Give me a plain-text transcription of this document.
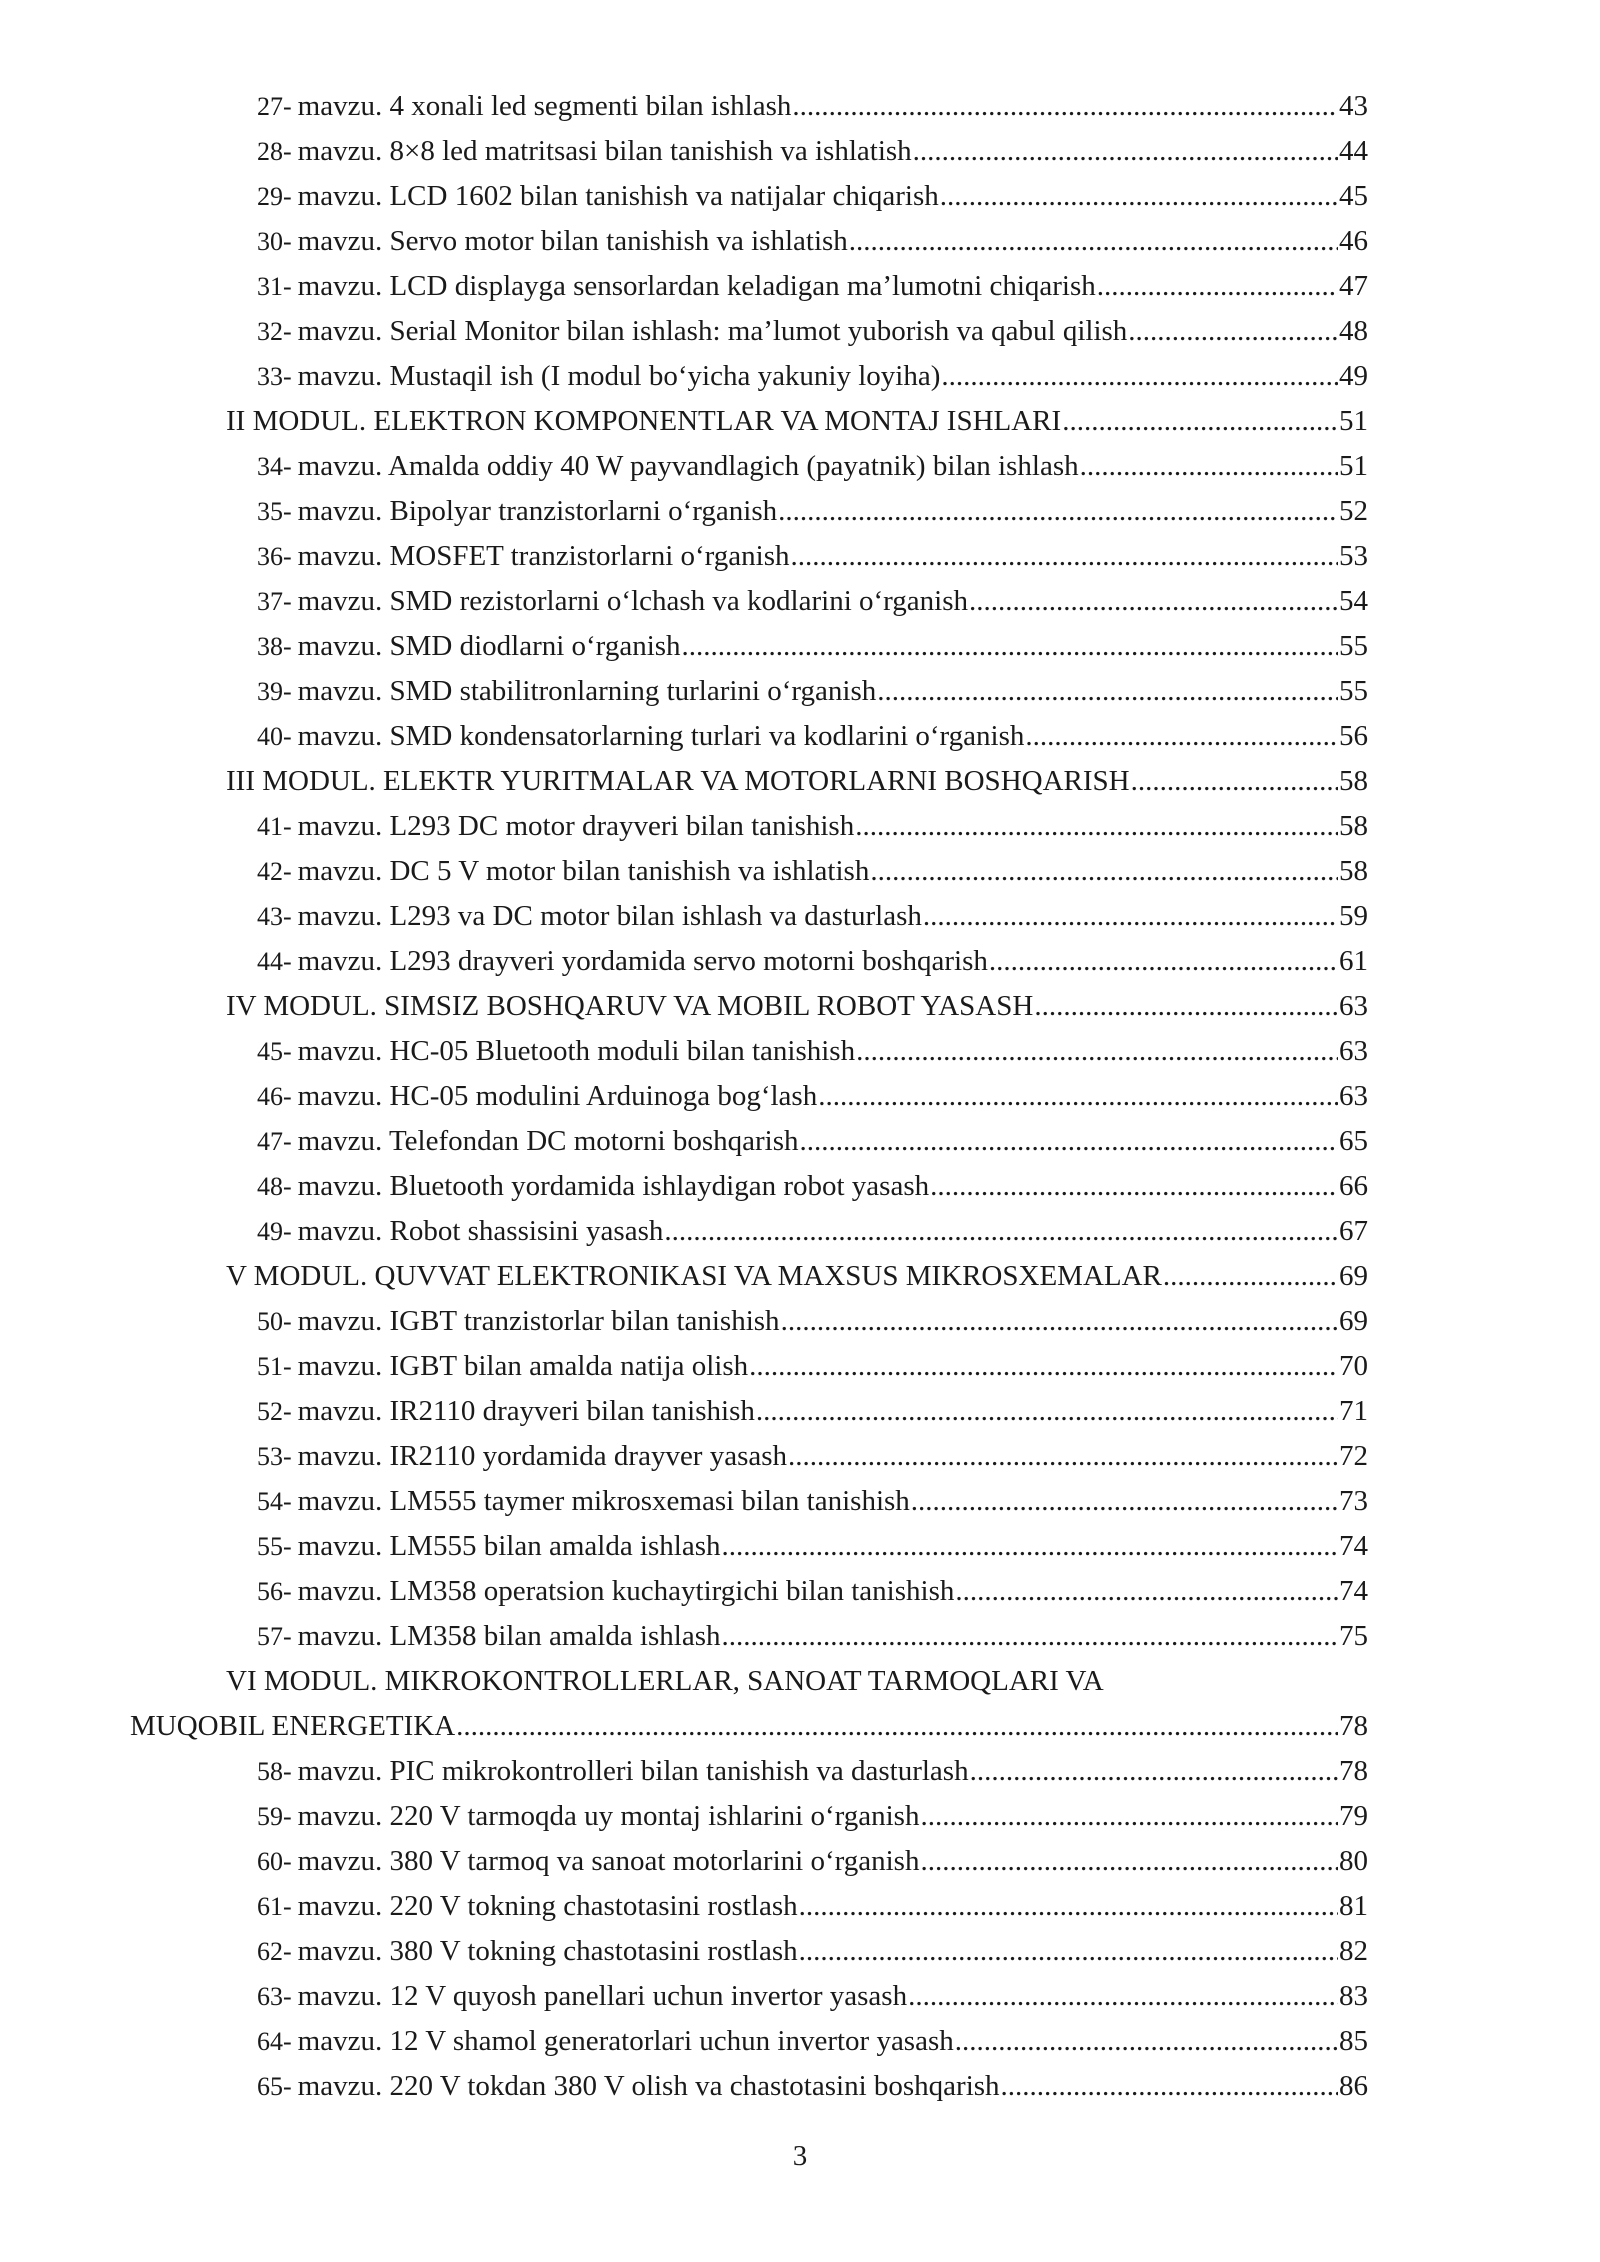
27- mavzu. 4 xonali led segmenti bilan ishlash .....	43
28- mavzu. 8×8 led matritsasi bilan tanishish va ishlatish .....	44
29- mavzu. LCD 1602 bilan tanishish va natijalar chiqarish .....	45
30- mavzu. Servo motor bilan tanishish va ishlatish .....	46
31- mavzu. LCD displayga sensorlardan keladigan ma’lumotni chiqarish .....	47
32- mavzu. Serial Monitor bilan ishlash: ma’lumot yuborish va qabul qilish .....	48
33- mavzu. Mustaqil ish (I modul bo‘yicha yakuniy loyiha) .....	49
II MODUL. ELEKTRON KOMPONENTLAR VA MONTAJ ISHLARI .....	51
34- mavzu. Amalda oddiy 40 W payvandlagich (payatnik) bilan ishlash .....	51
35- mavzu. Bipolyar tranzistorlarni o‘rganish .....	52
36- mavzu. MOSFET tranzistorlarni o‘rganish .....	53
37- mavzu. SMD rezistorlarni o‘lchash va kodlarini o‘rganish .....	54
38- mavzu. SMD diodlarni o‘rganish .....	55
39- mavzu. SMD stabilitronlarning turlarini o‘rganish .....	55
40- mavzu. SMD kondensatorlarning turlari va kodlarini o‘rganish .....	56
III MODUL. ELEKTR YURITMALAR VA MOTORLARNI BOSHQARISH .....	58
41- mavzu. L293 DC motor drayveri bilan tanishish .....	58
42- mavzu. DC 5 V motor bilan tanishish va ishlatish .....	58
43- mavzu. L293 va DC motor bilan ishlash va dasturlash .....	59
44- mavzu. L293 drayveri yordamida servo motorni boshqarish .....	61
IV MODUL. SIMSIZ BOSHQARUV VA MOBIL ROBOT YASASH .....	63
45- mavzu. HC-05 Bluetooth moduli bilan tanishish .....	63
46- mavzu. HC-05 modulini Arduinoga bog‘lash .....	63
47- mavzu. Telefondan DC motorni boshqarish .....	65
48- mavzu. Bluetooth yordamida ishlaydigan robot yasash .....	66
49- mavzu. Robot shassisini yasash .....	67
V MODUL. QUVVAT ELEKTRONIKASI VA MAXSUS MIKROSXEMALAR .....	69
50- mavzu. IGBT tranzistorlar bilan tanishish .....	69
51- mavzu. IGBT bilan amalda natija olish .....	70
52- mavzu. IR2110 drayveri bilan tanishish .....	71
53- mavzu. IR2110 yordamida drayver yasash .....	72
54- mavzu. LM555 taymer mikrosxemasi bilan tanishish .....	73
55- mavzu. LM555 bilan amalda ishlash .....	74
56- mavzu. LM358 operatsion kuchaytirgichi bilan tanishish .....	74
57- mavzu. LM358 bilan amalda ishlash .....	75
VI MODUL. MIKROKONTROLLERLAR, SANOAT TARMOQLARI VA
MUQOBIL ENERGETIKA .....	78
58- mavzu. PIC mikrokontrolleri bilan tanishish va dasturlash .....	78
59- mavzu. 220 V tarmoqda uy montaj ishlarini o‘rganish .....	79
60- mavzu. 380 V tarmoq va sanoat motorlarini o‘rganish .....	80
61- mavzu. 220 V tokning chastotasini rostlash .....	81
62- mavzu. 380 V tokning chastotasini rostlash .....	82
63- mavzu. 12 V quyosh panellari uchun invertor yasash .....	83
64- mavzu. 12 V shamol generatorlari uchun invertor yasash .....	85
65- mavzu. 220 V tokdan 380 V olish va chastotasini boshqarish .....	86
3
